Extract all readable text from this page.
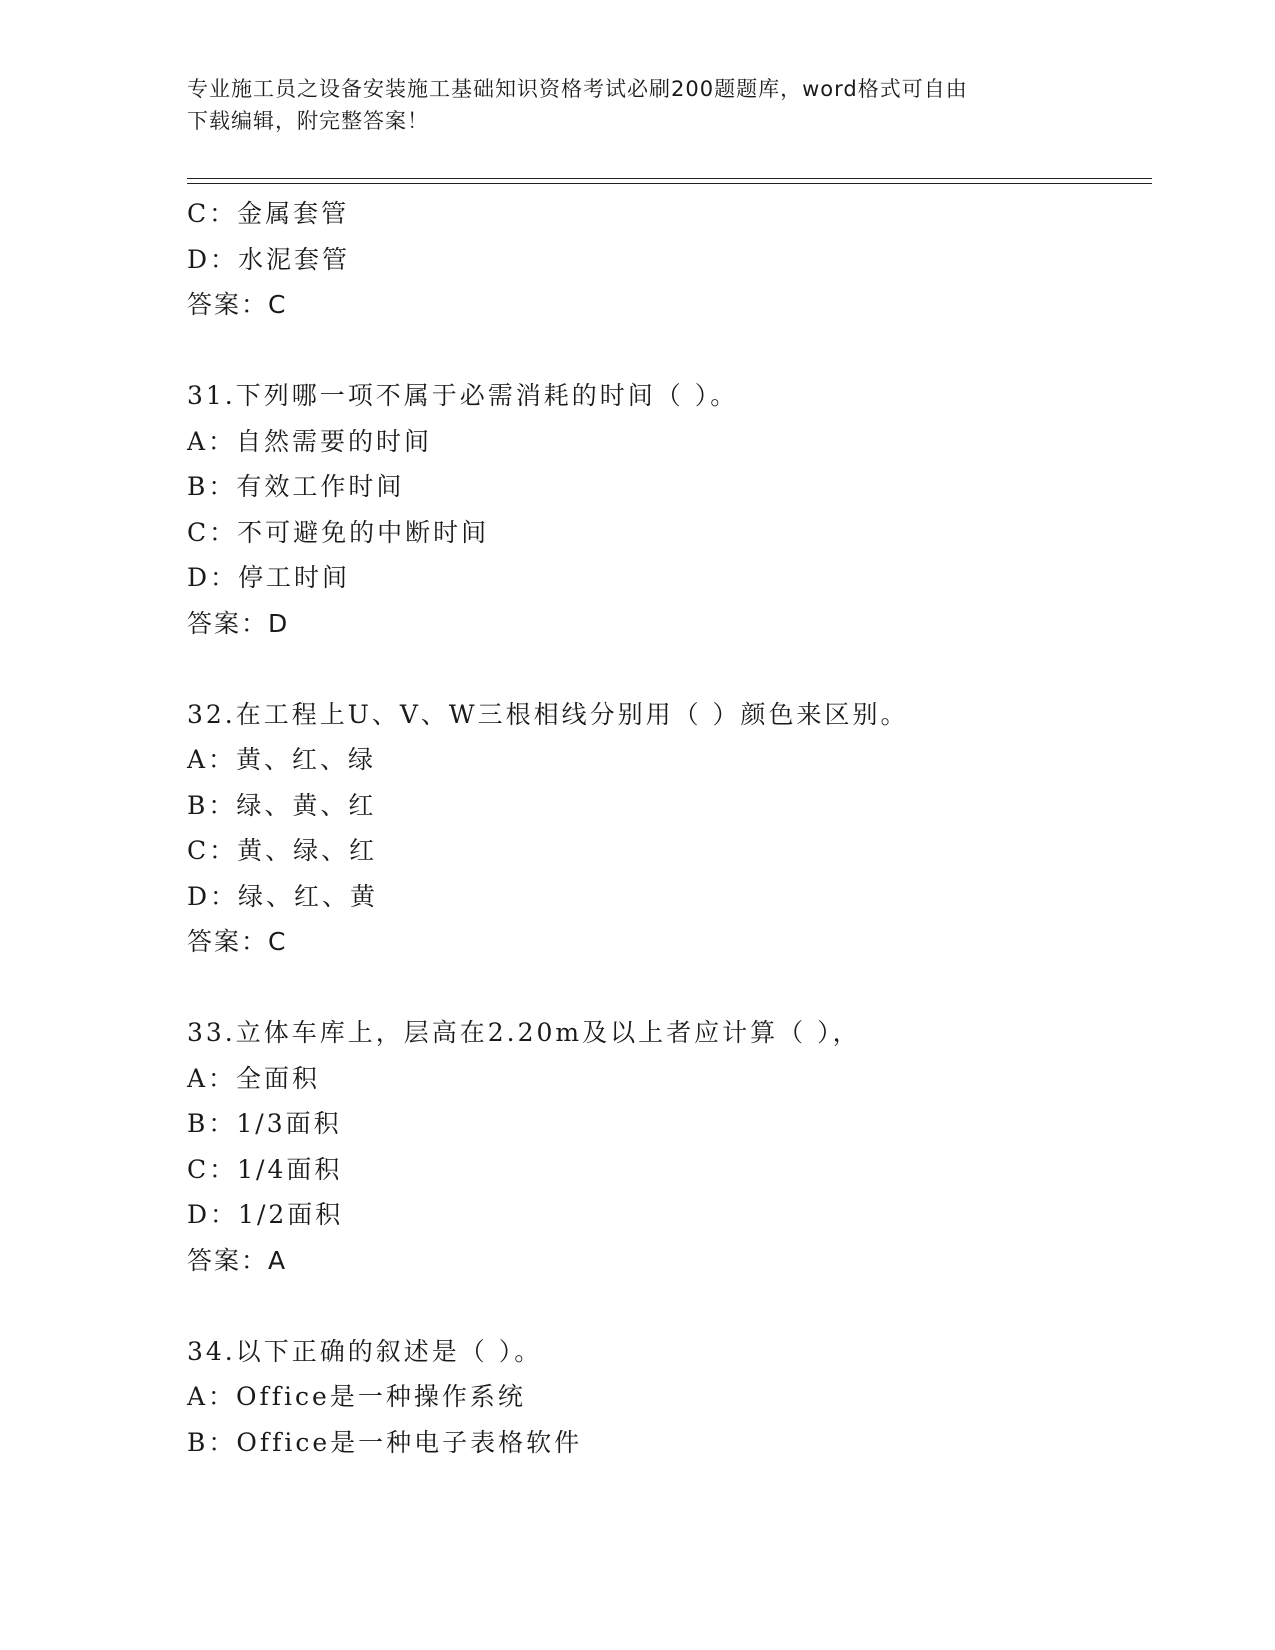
专业施工员之设备安装施工基础知识资格考试必刷200题题库，word格式可自由
下载编辑，附完整答案！
C：金属套管
D：水泥套管
答案：C
31.下列哪一项不属于必需消耗的时间（ ）。
A：自然需要的时间
B：有效工作时间
C：不可避免的中断时间
D：停工时间
答案：D
32.在工程上U、V、W三根相线分别用（ ）颜色来区别。
A：黄、红、绿
B：绿、黄、红
C：黄、绿、红
D：绿、红、黄
答案：C
33.立体车库上，层高在2.20m及以上者应计算（ ），
A：全面积
B：1/3面积
C：1/4面积
D：1/2面积
答案：A
34.以下正确的叙述是（ ）。
A：Office是一种操作系统
B：Office是一种电子表格软件
